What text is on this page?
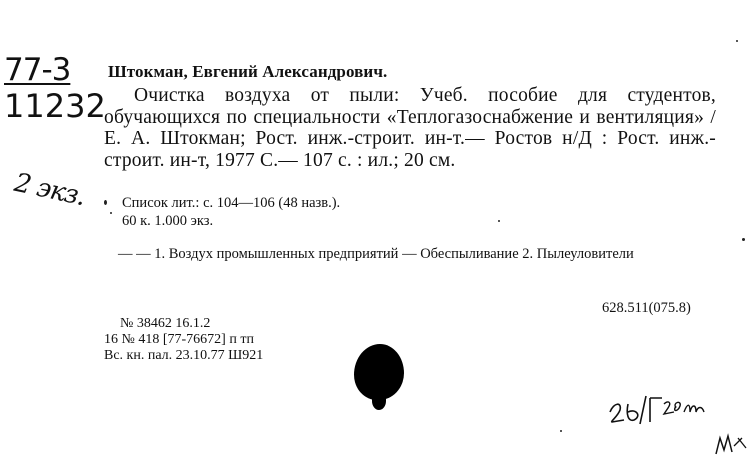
77-3
11232
2 экз.
Штокман, Евгений Александрович.
Очистка воздуха от пыли: Учеб. пособие для студентов, обучающихся по специальности «Теплогазоснабжение и вентиляция» / Е. А. Штокман; Рост. инж.-строит. ин-т.— Ростов н/Д : Рост. инж.-строит. ин-т, 1977 С.— 107 с. : ил.; 20 см.
Список лит.: с. 104—106 (48 назв.).
60 к. 1.000 экз.
— — 1. Воздух промышленных предприятий — Обеспыливание 2. Пылеуловители
628.511(075.8)
№ 38462 16.1.2
16 № 418 [77-76672] п тп
Вс. кн. пал. 23.10.77 Ш921
